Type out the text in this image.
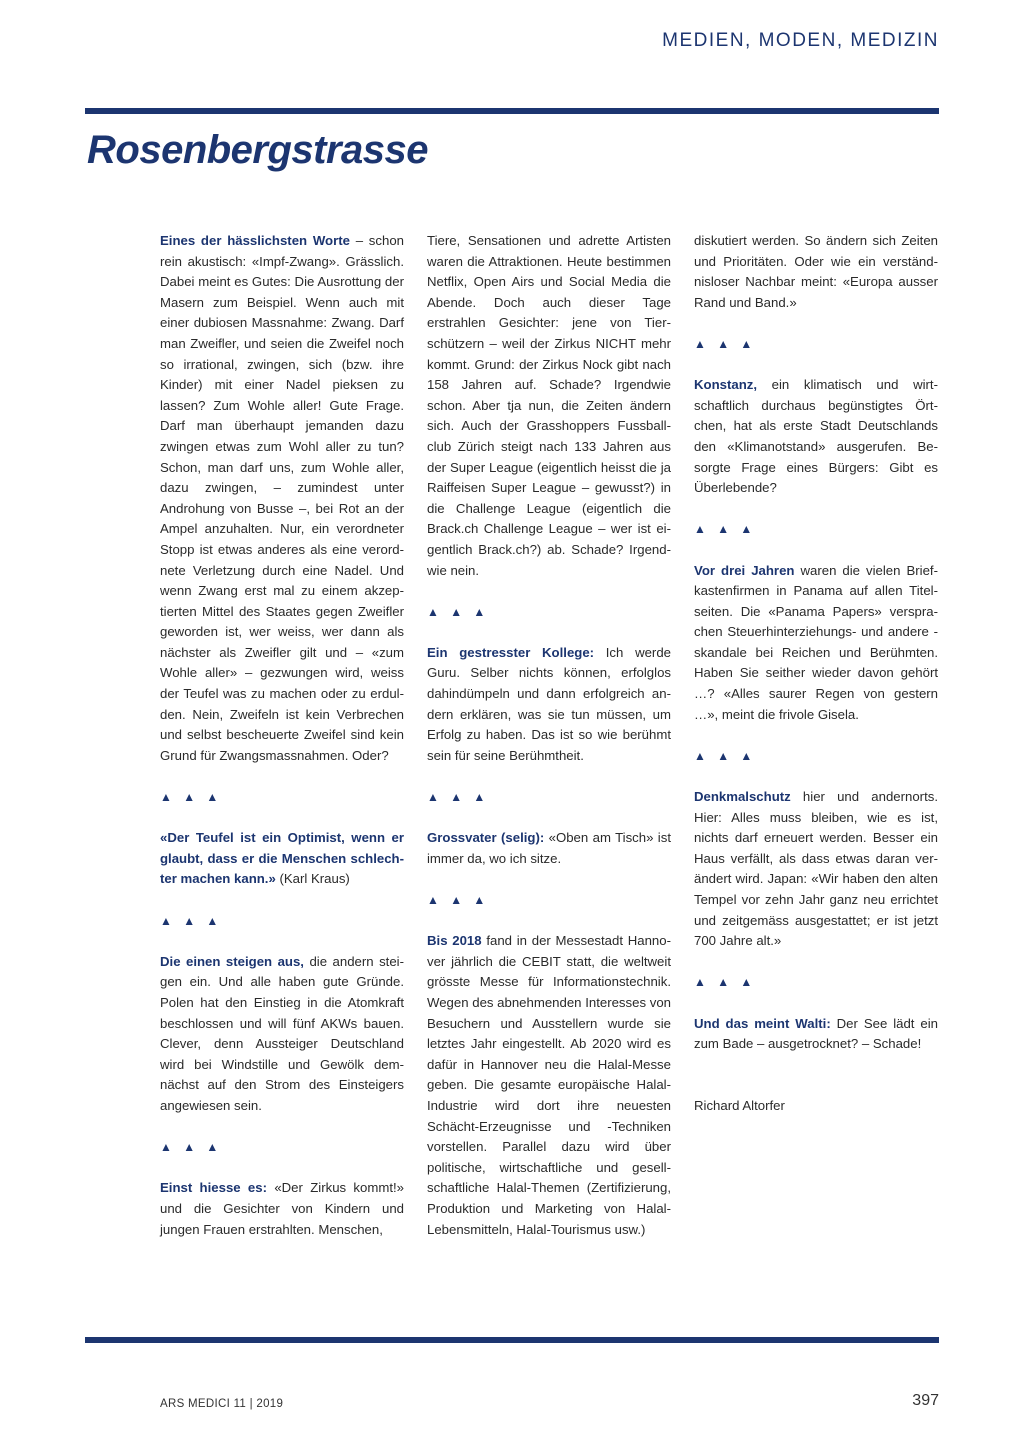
MEDIEN, MODEN, MEDIZIN
Rosenbergstrasse

Eines der hässlichsten Worte – schon rein akustisch: «Impf-Zwang». Grässlich. Dabei meint es Gutes: Die Ausrottung der Masern zum Beispiel. Wenn auch mit einer dubiosen Massnahme: Zwang. Darf man Zweifler, und seien die Zweifel noch so irrational, zwingen, sich (bzw. ihre Kinder) mit einer Nadel pieksen zu lassen? Zum Wohle aller! Gute Frage. Darf man überhaupt jemanden dazu zwingen etwas zum Wohl aller zu tun? Schon, man darf uns, zum Wohle aller, dazu zwingen, – zumindest unter Androhung von Busse –, bei Rot an der Ampel anzuhalten. Nur, ein verordneter Stopp ist etwas anderes als eine verordnete Verletzung durch eine Nadel. Und wenn Zwang erst mal zu einem akzeptierten Mittel des Staates gegen Zweifler geworden ist, wer weiss, wer dann als nächster als Zweifler gilt und – «zum Wohle aller» – gezwungen wird, weiss der Teufel was zu machen oder zu erdulden. Nein, Zweifeln ist kein Verbrechen und selbst bescheuerte Zweifel sind kein Grund für Zwangsmassnahmen. Oder?

▲ ▲ ▲

«Der Teufel ist ein Optimist, wenn er glaubt, dass er die Menschen schlechter machen kann.» (Karl Kraus)

▲ ▲ ▲

Die einen steigen aus, die andern steigen ein. Und alle haben gute Gründe. Polen hat den Einstieg in die Atomkraft beschlossen und will fünf AKWs bauen. Clever, denn Aussteiger Deutschland wird bei Windstille und Gewölk demnächst auf den Strom des Einsteigers angewiesen sein.

▲ ▲ ▲

Einst hiesse es: «Der Zirkus kommt!» und die Gesichter von Kindern und jungen Frauen erstrahlten. Menschen,

Tiere, Sensationen und adrette Artisten waren die Attraktionen. Heute bestimmen Netflix, Open Airs und Social Media die Abende. Doch auch dieser Tage erstrahlen Gesichter: jene von Tierschützern – weil der Zirkus NICHT mehr kommt. Grund: der Zirkus Nock gibt nach 158 Jahren auf. Schade? Irgendwie schon. Aber tja nun, die Zeiten ändern sich. Auch der Grasshoppers Fussballclub Zürich steigt nach 133 Jahren aus der Super League (eigentlich heisst die ja Raiffeisen Super League – gewusst?) in die Challenge League (eigentlich die Brack.ch Challenge League – wer ist eigentlich Brack.ch?) ab. Schade? Irgendwie nein.

▲ ▲ ▲

Ein gestresster Kollege: Ich werde Guru. Selber nichts können, erfolglos dahindümpeln und dann erfolgreich andern erklären, was sie tun müssen, um Erfolg zu haben. Das ist so wie berühmt sein für seine Berühmtheit.

▲ ▲ ▲

Grossvater (selig): «Oben am Tisch» ist immer da, wo ich sitze.

▲ ▲ ▲

Bis 2018 fand in der Messestadt Hannover jährlich die CEBIT statt, die weltweit grösste Messe für Informationstechnik. Wegen des abnehmenden Interesses von Besuchern und Ausstellern wurde sie letztes Jahr eingestellt. Ab 2020 wird es dafür in Hannover neu die Halal-Messe geben. Die gesamte europäische Halal-Industrie wird dort ihre neuesten Schächt-Erzeugnisse und -Techniken vorstellen. Parallel dazu wird über politische, wirtschaftliche und gesellschaftliche Halal-Themen (Zertifizierung, Produktion und Marketing von Halal-Lebensmitteln, Halal-Tourismus usw.)

diskutiert werden. So ändern sich Zeiten und Prioritäten. Oder wie ein verständnisloser Nachbar meint: «Europa ausser Rand und Band.»

▲ ▲ ▲

Konstanz, ein klimatisch und wirtschaftlich durchaus begünstigtes Örtchen, hat als erste Stadt Deutschlands den «Klimanotstand» ausgerufen. Besorgte Frage eines Bürgers: Gibt es Überlebende?

▲ ▲ ▲

Vor drei Jahren waren die vielen Briefkastenfirmen in Panama auf allen Titelseiten. Die «Panama Papers» versprachen Steuerhinterziehungs- und andere -skandale bei Reichen und Berühmten. Haben Sie seither wieder davon gehört …? «Alles saurer Regen von gestern …», meint die frivole Gisela.

▲ ▲ ▲

Denkmalschutz hier und andernorts. Hier: Alles muss bleiben, wie es ist, nichts darf erneuert werden. Besser ein Haus verfällt, als dass etwas daran verändert wird. Japan: «Wir haben den alten Tempel vor zehn Jahr ganz neu errichtet und zeitgemäss ausgestattet; er ist jetzt 700 Jahre alt.»

▲ ▲ ▲

Und das meint Walti: Der See lädt ein zum Bade – ausgetrocknet? – Schade!

Richard Altorfer

ARS MEDICI 11 | 2019	397
